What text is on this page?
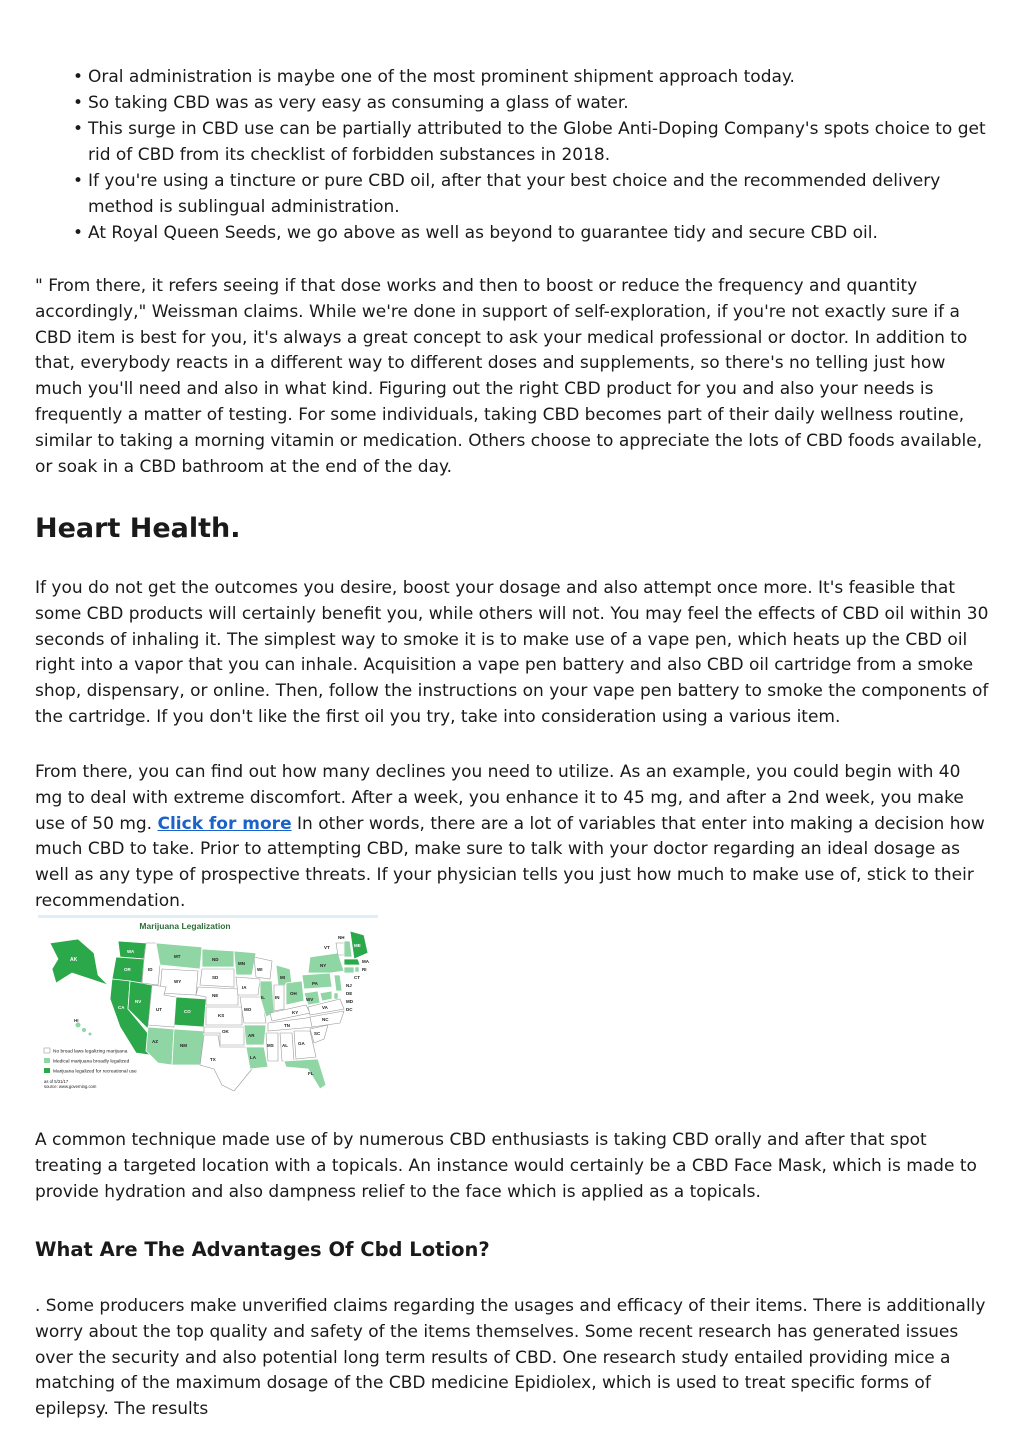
• Oral administration is maybe one of the most prominent shipment approach today.
• So taking CBD was as very easy as consuming a glass of water.
• This surge in CBD use can be partially attributed to the Globe Anti-Doping Company's spots choice to get rid of CBD from its checklist of forbidden substances in 2018.
• If you're using a tincture or pure CBD oil, after that your best choice and the recommended delivery method is sublingual administration.
• At Royal Queen Seeds, we go above as well as beyond to guarantee tidy and secure CBD oil.

" From there, it refers seeing if that dose works and then to boost or reduce the frequency and quantity accordingly," Weissman claims. While we're done in support of self-exploration, if you're not exactly sure if a CBD item is best for you, it's always a great concept to ask your medical professional or doctor. In addition to that, everybody reacts in a different way to different doses and supplements, so there's no telling just how much you'll need and also in what kind. Figuring out the right CBD product for you and also your needs is frequently a matter of testing. For some individuals, taking CBD becomes part of their daily wellness routine, similar to taking a morning vitamin or medication. Others choose to appreciate the lots of CBD foods available, or soak in a CBD bathroom at the end of the day.

Heart Health.

If you do not get the outcomes you desire, boost your dosage and also attempt once more. It's feasible that some CBD products will certainly benefit you, while others will not. You may feel the effects of CBD oil within 30 seconds of inhaling it. The simplest way to smoke it is to make use of a vape pen, which heats up the CBD oil right into a vapor that you can inhale. Acquisition a vape pen battery and also CBD oil cartridge from a smoke shop, dispensary, or online. Then, follow the instructions on your vape pen battery to smoke the components of the cartridge. If you don't like the first oil you try, take into consideration using a various item.

From there, you can find out how many declines you need to utilize. As an example, you could begin with 40 mg to deal with extreme discomfort. After a week, you enhance it to 45 mg, and after a 2nd week, you make use of 50 mg. Click for more In other words, there are a lot of variables that enter into making a decision how much CBD to take. Prior to attempting CBD, make sure to talk with your doctor regarding an ideal dosage as well as any type of prospective threats. If your physician tells you just how much to make use of, stick to their recommendation.

Marijuana Legalization
AK
HI
WA
OR
CA
NV
ID
MT
WY
UT	CO
AZ
NM
ND
SD
NE
KS
OK
TX
MN
IA
MO
AR
LA
WI
IL
MI
IN
OH
KY
TN
MS AL GA
FL
SC
NC
VA
WV
PA
NY
VT
NH
ME
MA
RI
CT
NJ
DE
MD
DC
No broad laws legalizing marijuana
Medical marijuana broadly legalized
Marijuana legalized for recreational use
as of 5/31/17
source: www.governing.com

A common technique made use of by numerous CBD enthusiasts is taking CBD orally and after that spot treating a targeted location with a topicals. An instance would certainly be a CBD Face Mask, which is made to provide hydration and also dampness relief to the face which is applied as a topicals.

What Are The Advantages Of Cbd Lotion?

. Some producers make unverified claims regarding the usages and efficacy of their items. There is additionally worry about the top quality and safety of the items themselves. Some recent research has generated issues over the security and also potential long term results of CBD. One research study entailed providing mice a matching of the maximum dosage of the CBD medicine Epidiolex, which is used to treat specific forms of epilepsy. The results
